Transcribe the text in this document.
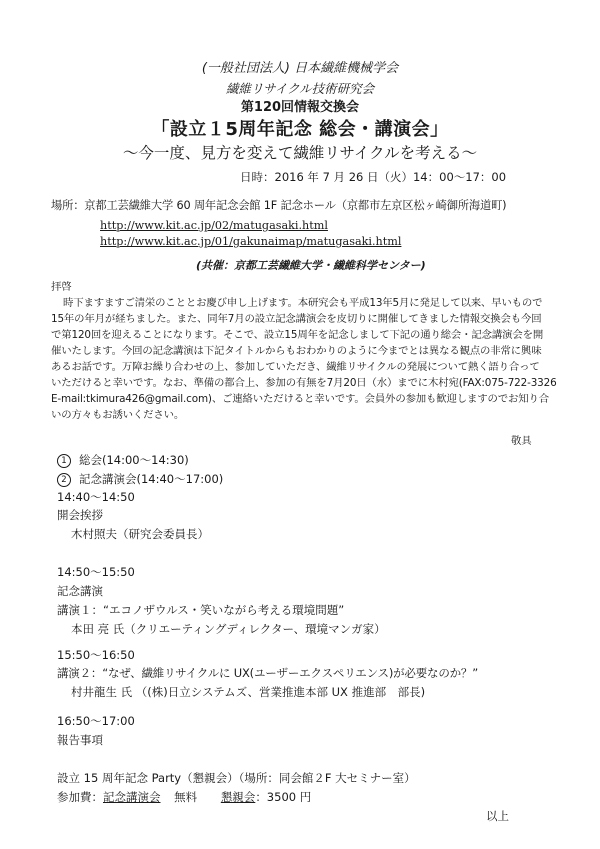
(一般社団法人) 日本繊維機械学会
繊維リサイクル技術研究会
第120回情報交換会
「設立１5周年記念 総会・講演会」
～今一度、見方を変えて繊維リサイクルを考える～
日時：2016 年 7 月 26 日（火）14：00～17：00
場所：京都工芸繊維大学 60 周年記念会館 1F 記念ホール（京都市左京区松ヶ崎御所海道町)
http://www.kit.ac.jp/02/matugasaki.html
http://www.kit.ac.jp/01/gakunaimap/matugasaki.html
(共催：京都工芸繊維大学・繊維科学センター)
拝啓
時下ますますご清栄のこととお慶び申し上げます。本研究会も平成13年5月に発足して以来、早いもので
15年の年月が経ちました。また、同年7月の設立記念講演会を皮切りに開催してきました情報交換会も今回
で第120回を迎えることになります。そこで、設立15周年を記念しまして下記の通り総会・記念講演会を開
催いたします。今回の記念講演は下記タイトルからもおわかりのように今までとは異なる観点の非常に興味
あるお話です。万障お繰り合わせの上、参加していただき、繊維リサイクルの発展について熱く語り合って
いただけると幸いです。なお、準備の都合上、参加の有無を7月20日（水）までに木村宛(FAX:075-722-3326
E-mail:tkimura426@gmail.com)、ご連絡いただけると幸いです。会員外の参加も歓迎しますのでお知り合
いの方々もお誘いください。
敬具
1 総会(14:00～14:30)
2 記念講演会(14:40～17:00)
14:40～14:50
開会挨拶
木村照夫（研究会委員長）
14:50～15:50
記念講演
講演１：“エコノザウルス・笑いながら考える環境問題”
本田 亮 氏（クリエーティングディレクター、環境マンガ家）
15:50～16:50
講演２：“なぜ、繊維リサイクルに UX(ユーザーエクスペリエンス)が必要なのか？”
村井龍生 氏 （(株)日立システムズ、営業推進本部 UX 推進部　部長)
16:50～17:00
報告事項
設立 15 周年記念 Party（懇親会）（場所：同会館２F 大セミナー室）
参加費：記念講演会 無料 懇親会：3500 円
以上
